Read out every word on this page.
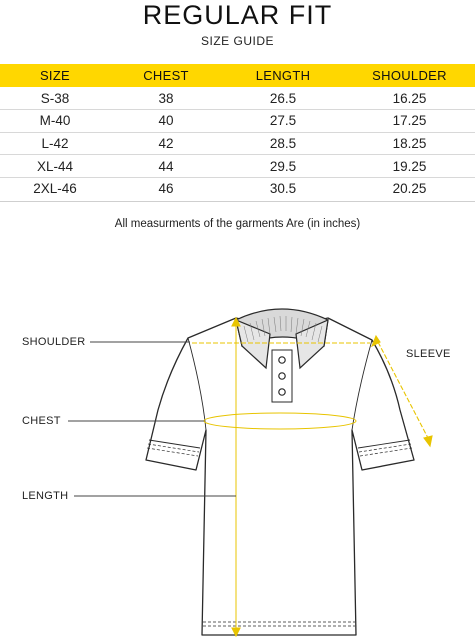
REGULAR FIT
SIZE GUIDE
SIZE	CHEST	LENGTH	SHOULDER
S-38	38	26.5	16.25
M-40	40	27.5	17.25
L-42	42	28.5	18.25
XL-44	44	29.5	19.25
2XL-46	46	30.5	20.25
All measurments of the garments Are (in inches)
SHOULDER
CHEST
LENGTH
SLEEVE
